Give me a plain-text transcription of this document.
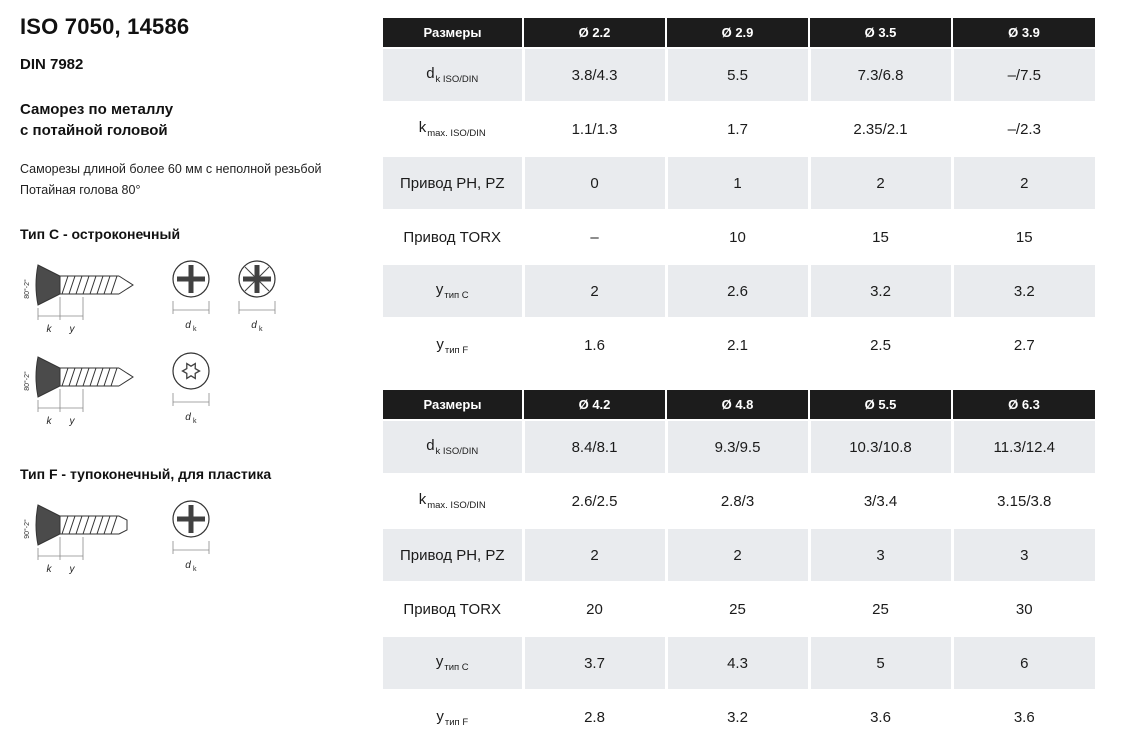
ISO 7050, 14586
DIN 7982
Саморез по металлу
с потайной головой
Саморезы длиной более 60 мм с неполной резьбой
Потайная голова 80°
Тип C - остроконечный
80°-2°
k y	d k	d k
80°-2°
k y	d k
Тип F - тупоконечный, для пластика
90°-2°
k y	d k
Размеры	Ø 2.2	Ø 2.9	Ø 3.5	Ø 3.9
$d_{k ISO/DIN}$	3.8/4.3	5.5	7.3/6.8	–/7.5
$k_{max. ISO/DIN}$	1.1/1.3	1.7	2.35/2.1	–/2.3
Привод PH, PZ	0	1	2	2
Привод TORX	–	10	15	15
$y_{тип C}$	2	2.6	3.2	3.2
$y_{тип F}$	1.6	2.1	2.5	2.7
Размеры	Ø 4.2	Ø 4.8	Ø 5.5	Ø 6.3
$d_{k ISO/DIN}$	8.4/8.1	9.3/9.5	10.3/10.8	11.3/12.4
$k_{max. ISO/DIN}$	2.6/2.5	2.8/3	3/3.4	3.15/3.8
Привод PH, PZ	2	2	3	3
Привод TORX	20	25	25	30
$y_{тип C}$	3.7	4.3	5	6
$y_{тип F}$	2.8	3.2	3.6	3.6
